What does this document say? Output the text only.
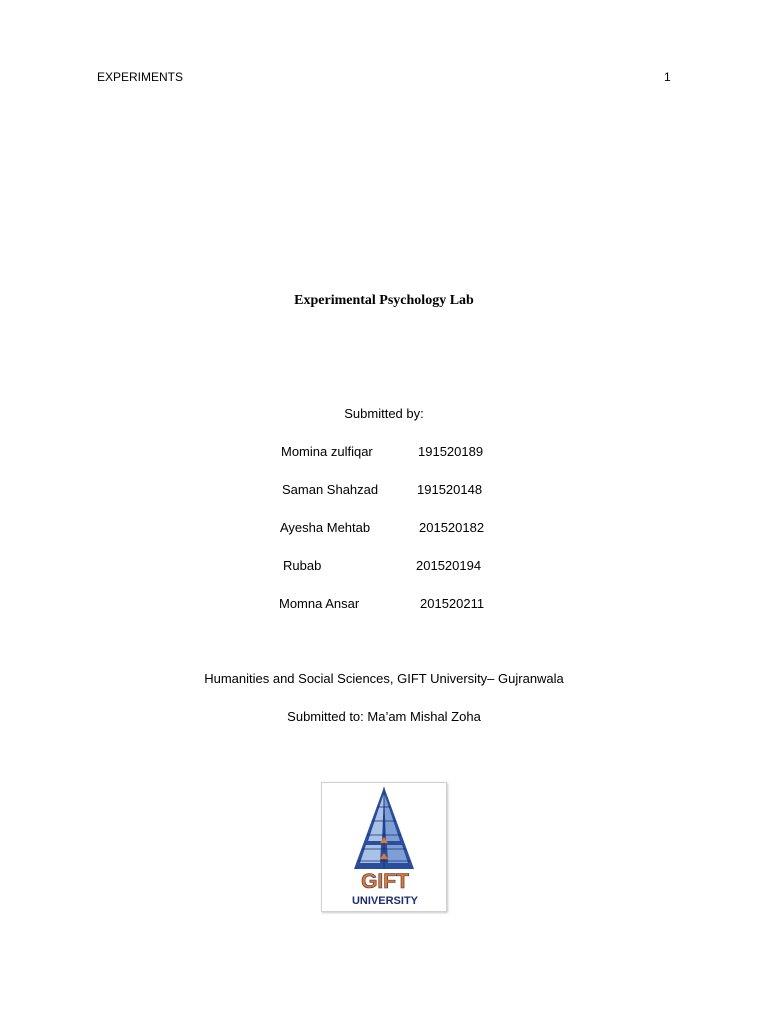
EXPERIMENTS	1
Experimental Psychology Lab
Submitted by:
Momina zulfiqar	191520189
Saman Shahzad	191520148
Ayesha Mehtab	201520182
Rubab	201520194
Momna Ansar	201520211
Humanities and Social Sciences, GIFT University– Gujranwala
Submitted to: Ma’am Mishal Zoha
GIFT
UNIVERSITY
